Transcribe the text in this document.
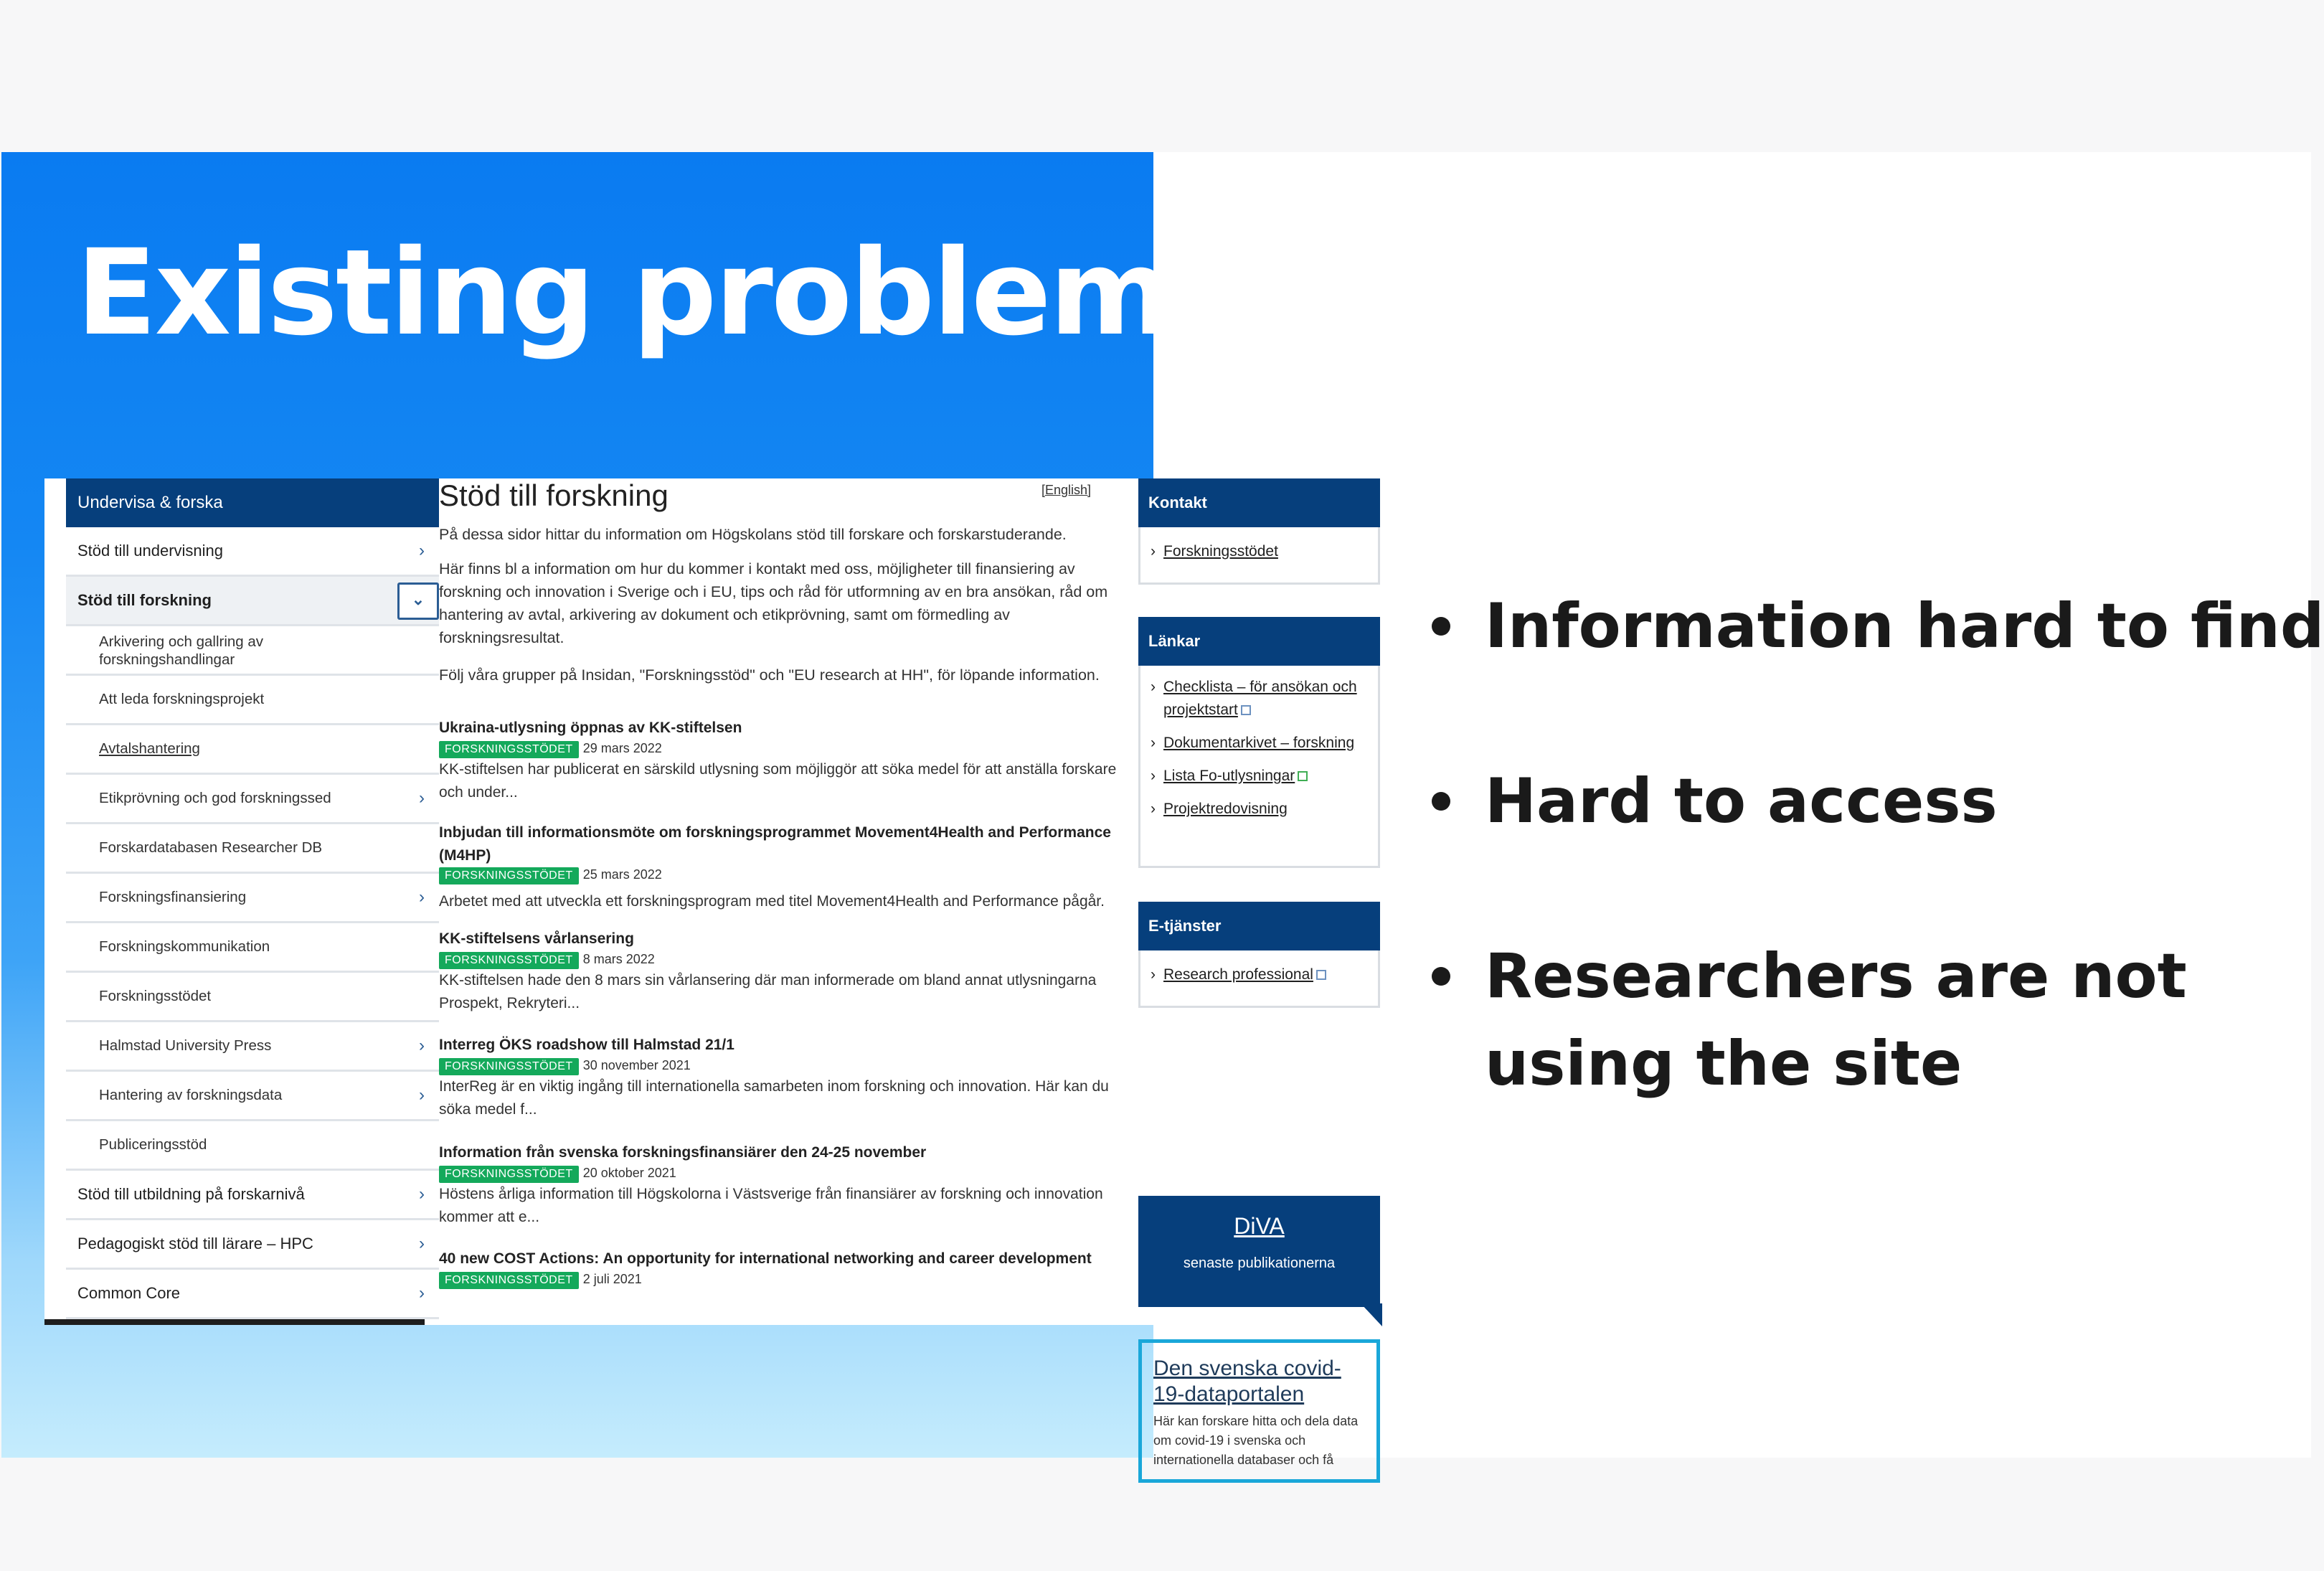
Existing problems
Undervisa & forska
Stöd till undervisning	›
Stöd till forskning	⌄
Arkivering och gallring av forskningshandlingar
Att leda forskningsprojekt
Avtalshantering
Etikprövning och god forskningssed	›
Forskardatabasen Researcher DB
Forskningsfinansiering	›
Forskningskommunikation
Forskningsstödet
Halmstad University Press	›
Hantering av forskningsdata	›
Publiceringsstöd
Stöd till utbildning på forskarnivå	›
Pedagogiskt stöd till lärare – HPC	›
Common Core	›
Stöd till forskning	[English]
På dessa sidor hittar du information om Högskolans stöd till forskare och forskarstuderande.
Här finns bl a information om hur du kommer i kontakt med oss, möjligheter till finansiering av forskning och innovation i Sverige och i EU, tips och råd för utformning av en bra ansökan, råd om hantering av avtal, arkivering av dokument och etikprövning, samt om förmedling av forskningsresultat.
Följ våra grupper på Insidan, "Forskningsstöd" och "EU research at HH", för löpande information.
Ukraina-utlysning öppnas av KK-stiftelsen
FORSKNINGSSTÖDET 29 mars 2022
KK-stiftelsen har publicerat en särskild utlysning som möjliggör att söka medel för att anställa forskare och under...
Inbjudan till informationsmöte om forskningsprogrammet Movement4Health and Performance (M4HP)
FORSKNINGSSTÖDET 25 mars 2022
Arbetet med att utveckla ett forskningsprogram med titel Movement4Health and Performance pågår.
KK-stiftelsens vårlansering
FORSKNINGSSTÖDET 8 mars 2022
KK-stiftelsen hade den 8 mars sin vårlansering där man informerade om bland annat utlysningarna Prospekt, Rekryteri...
Interreg ÖKS roadshow till Halmstad 21/1
FORSKNINGSSTÖDET 30 november 2021
InterReg är en viktig ingång till internationella samarbeten inom forskning och innovation. Här kan du söka medel f...
Information från svenska forskningsfinansiärer den 24-25 november
FORSKNINGSSTÖDET 20 oktober 2021
Höstens årliga information till Högskolorna i Västsverige från finansiärer av forskning och innovation kommer att e...
40 new COST Actions: An opportunity for international networking and career development
FORSKNINGSSTÖDET 2 juli 2021
Kontakt
› Forskningsstödet
Länkar
› Checklista – för ansökan och projektstart
› Dokumentarkivet – forskning
› Lista Fo-utlysningar
› Projektredovisning
E-tjänster
› Research professional
DiVA
senaste publikationerna
Den svenska covid-19-dataportalen
Här kan forskare hitta och dela data om covid-19 i svenska och internationella databaser och få
Information hard to find
Hard to access
Researchers are not using the site
